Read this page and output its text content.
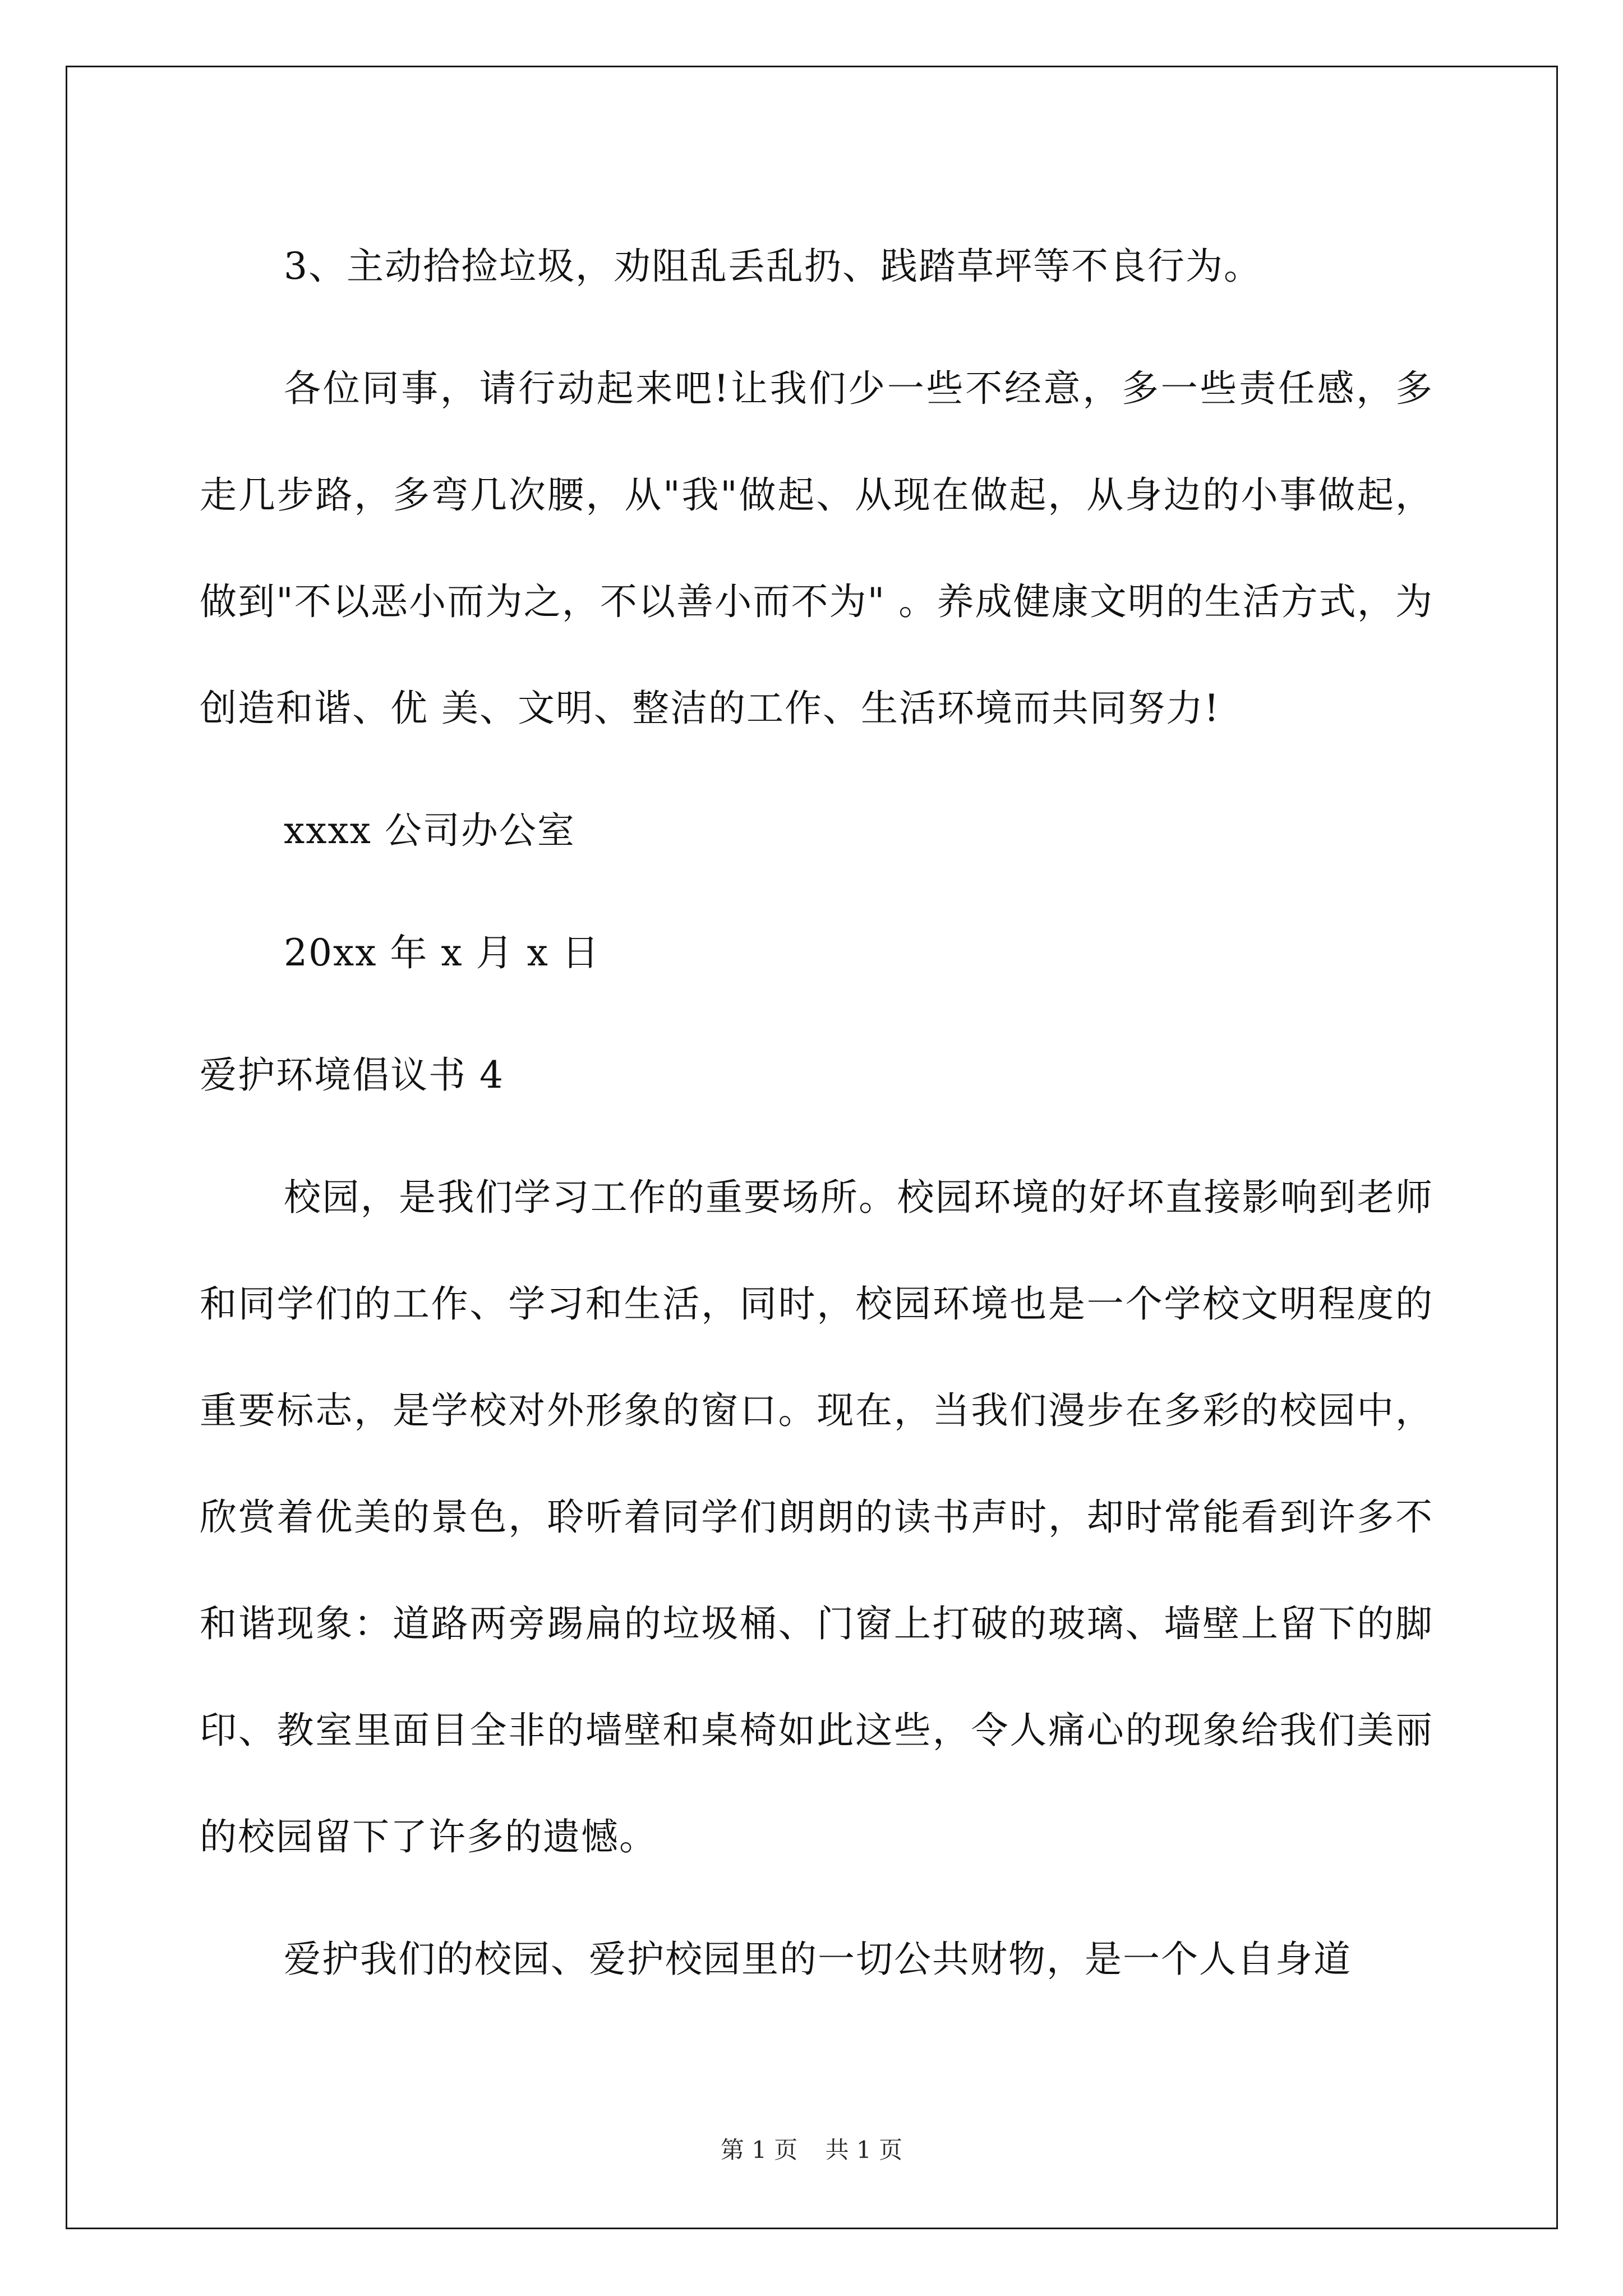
3、主动拾捡垃圾，劝阻乱丢乱扔、践踏草坪等不良行为。

各位同事，请行动起来吧!让我们少一些不经意，多一些责任感，多走几步路，多弯几次腰，从"我"做起、从现在做起，从身边的小事做起，做到"不以恶小而为之，不以善小而不为" 。养成健康文明的生活方式，为创造和谐、优 美、文明、整洁的工作、生活环境而共同努力!

xxxx 公司办公室

20xx 年 x 月 x 日

爱护环境倡议书 4

校园，是我们学习工作的重要场所。校园环境的好坏直接影响到老师和同学们的工作、学习和生活，同时，校园环境也是一个学校文明程度的重要标志，是学校对外形象的窗口。现在，当我们漫步在多彩的校园中，欣赏着优美的景色，聆听着同学们朗朗的读书声时，却时常能看到许多不和谐现象：道路两旁踢扁的垃圾桶、门窗上打破的玻璃、墙壁上留下的脚印、教室里面目全非的墙壁和桌椅如此这些，令人痛心的现象给我们美丽的校园留下了许多的遗憾。

爱护我们的校园、爱护校园里的一切公共财物，是一个人自身道

第 1 页 共 1 页
